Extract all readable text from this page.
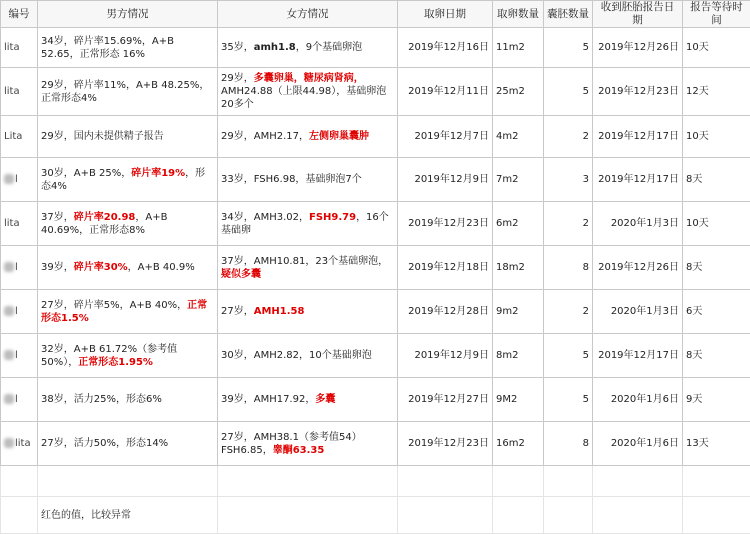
编号	男方情况	女方情况	取卵日期	取卵数量	囊胚数量	收到胚胎报告日期	报告等待时间
lita	34岁，碎片率15.69%，A+B 52.65，正常形态 16%	35岁，amh1.8，9个基础卵泡	2019年12月16日	11m2	5	2019年12月26日	10天
lita	29岁，碎片率11%，A+B 48.25%，正常形态4%	29岁，多囊卵巢，糖尿病肾病，AMH24.88（上限44.98），基础卵泡20多个	2019年12月11日	25m2	5	2019年12月23日	12天
Lita	29岁，国内未提供精子报告	29岁，AMH2.17，左侧卵巢囊肿	2019年12月7日	4m2	2	2019年12月17日	10天
l	30岁，A+B 25%，碎片率19%，形态4%	33岁，FSH6.98，基础卵泡7个	2019年12月9日	7m2	3	2019年12月17日	8天
lita	37岁，碎片率20.98，A+B 40.69%，正常形态8%	34岁，AMH3.02，FSH9.79，16个基础卵	2019年12月23日	6m2	2	2020年1月3日	10天
l	39岁，碎片率30%，A+B 40.9%	37岁，AMH10.81，23个基础卵泡，疑似多囊	2019年12月18日	18m2	8	2019年12月26日	8天
l	27岁，碎片率5%，A+B 40%，正常形态1.5%	27岁，AMH1.58	2019年12月28日	9m2	2	2020年1月3日	6天
l	32岁，A+B 61.72%（参考值50%），正常形态1.95%	30岁，AMH2.82，10个基础卵泡	2019年12月9日	8m2	5	2019年12月17日	8天
l	38岁，活力25%，形态6%	39岁，AMH17.92，多囊	2019年12月27日	9M2	5	2020年1月6日	9天
lita	27岁，活力50%，形态14%	27岁，AMH38.1（参考值54）FSH6.85，睾酮63.35	2019年12月23日	16m2	8	2020年1月6日	13天

	红色的值，比较异常						
